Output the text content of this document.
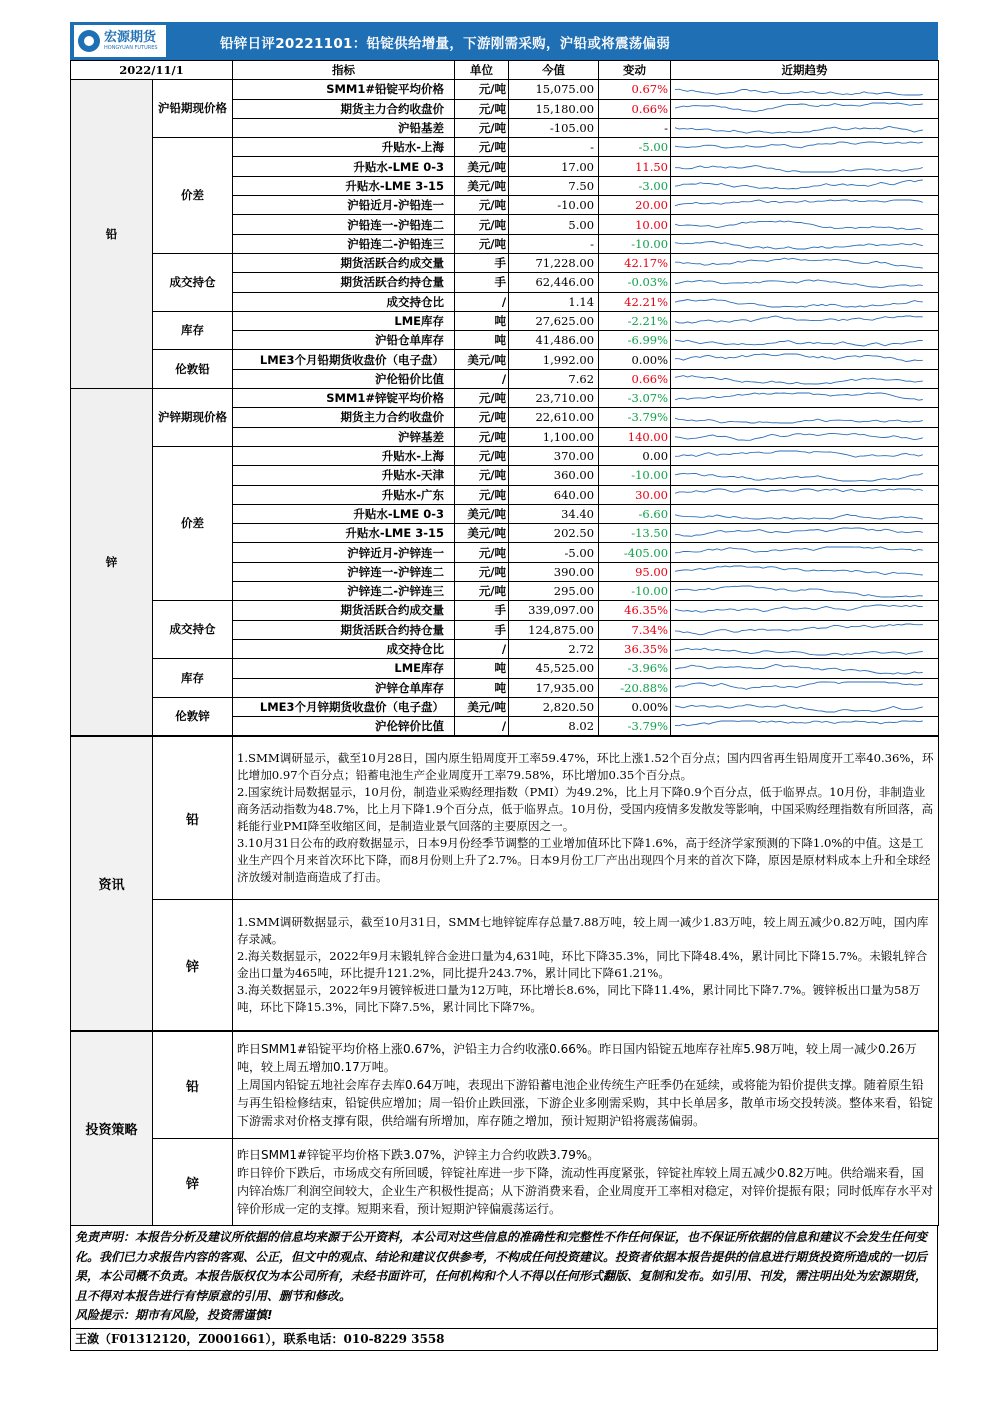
宏源期货
HONGYUAN FUTURES	铅锌日评20221101：铅锭供给增量，下游刚需采购，沪铅或将震荡偏弱
2022/11/1		指标	单位	今值	变动	近期趋势
铅	沪铅期现价格	SMM1#铅锭平均价格	元/吨	15,075.00	0.67%	

		期货主力合约收盘价	元/吨	15,180.00	0.66%	

		沪铅基差	元/吨	-105.00	-	

	价差	升贴水-上海	元/吨	-	-5.00	

		升贴水-LME 0-3	美元/吨	17.00	11.50	

		升贴水-LME 3-15	美元/吨	7.50	-3.00	

		沪铅近月-沪铅连一	元/吨	-10.00	20.00	

		沪铅连一-沪铅连二	元/吨	5.00	10.00	

		沪铅连二-沪铅连三	元/吨	-	-10.00	

	成交持仓	期货活跃合约成交量	手	71,228.00	42.17%	

		期货活跃合约持仓量	手	62,446.00	-0.03%	

		成交持仓比	/	1.14	42.21%	

	库存	LME库存	吨	27,625.00	-2.21%	

		沪铅仓单库存	吨	41,486.00	-6.99%	

	伦敦铅	LME3个月铅期货收盘价（电子盘）	美元/吨	1,992.00	0.00%	

		沪伦铅价比值	/	7.62	0.66%	

锌	沪锌期现价格	SMM1#锌锭平均价格	元/吨	23,710.00	-3.07%	

		期货主力合约收盘价	元/吨	22,610.00	-3.79%	

		沪锌基差	元/吨	1,100.00	140.00	

	价差	升贴水-上海	元/吨	370.00	0.00	

		升贴水-天津	元/吨	360.00	-10.00	

		升贴水-广东	元/吨	640.00	30.00	

		升贴水-LME 0-3	美元/吨	34.40	-6.60	

		升贴水-LME 3-15	美元/吨	202.50	-13.50	

		沪锌近月-沪锌连一	元/吨	-5.00	-405.00	

		沪锌连一-沪锌连二	元/吨	390.00	95.00	

		沪锌连二-沪锌连三	元/吨	295.00	-10.00	

	成交持仓	期货活跃合约成交量	手	339,097.00	46.35%	

		期货活跃合约持仓量	手	124,875.00	7.34%	

		成交持仓比	/	2.72	36.35%	

	库存	LME库存	吨	45,525.00	-3.96%	

		沪锌仓单库存	吨	17,935.00	-20.88%	

	伦敦锌	LME3个月锌期货收盘价（电子盘）	美元/吨	2,820.50	0.00%	

		沪伦锌价比值	/	8.02	-3.79%	
资讯	铅	1.SMM调研显示，截至10月28日，国内原生铅周度开工率59.47%，环比上涨1.52个百分点；国内四省再生铅周度开工率40.36%，环比增加0.97个百分点；铅蓄电池生产企业周度开工率79.58%，环比增加0.35个百分点。

2.国家统计局数据显示，10月份，制造业采购经理指数（PMI）为49.2%，比上月下降0.9个百分点，低于临界点。10月份，非制造业商务活动指数为48.7%，比上月下降1.9个百分点，低于临界点。10月份，受国内疫情多发散发等影响，中国采购经理指数有所回落，高耗能行业PMI降至收缩区间，是制造业景气回落的主要原因之一。

3.10月31日公布的政府数据显示，日本9月份经季节调整的工业增加值环比下降1.6%，高于经济学家预测的下降1.0%的中值。这是工业生产四个月来首次环比下降，而8月份则上升了2.7%。日本9月份工厂产出出现四个月来的首次下降，原因是原材料成本上升和全球经济放缓对制造商造成了打击。

	锌	1.SMM调研数据显示，截至10月31日，SMM七地锌锭库存总量7.88万吨，较上周一减少1.83万吨，较上周五减少0.82万吨，国内库存录减。

2.海关数据显示，2022年9月末锻轧锌合金进口量为4,631吨，环比下降35.3%，同比下降48.4%，累计同比下降15.7%。未锻轧锌合金出口量为465吨，环比提升121.2%，同比提升243.7%，累计同比下降61.21%。

3.海关数据显示，2022年9月镀锌板进口量为12万吨，环比增长8.6%，同比下降11.4%，累计同比下降7.7%。镀锌板出口量为58万吨，环比下降15.3%，同比下降7.5%，累计同比下降7%。

投资策略	铅	昨日SMM1#铅锭平均价格上涨0.67%，沪铅主力合约收涨0.66%。昨日国内铅锭五地库存社库5.98万吨，较上周一减少0.26万吨，较上周五增加0.17万吨。

上周国内铅锭五地社会库存去库0.64万吨，表现出下游铅蓄电池企业传统生产旺季仍在延续，或将能为铅价提供支撑。随着原生铅与再生铅检修结束，铅锭供应增加；周一铅价止跌回涨，下游企业多刚需采购，其中长单居多，散单市场交投转淡。整体来看，铅锭下游需求对价格支撑有限，供给端有所增加，库存随之增加，预计短期沪铅将震荡偏弱。

	锌	昨日SMM1#锌锭平均价格下跌3.07%，沪锌主力合约收跌3.79%。

昨日锌价下跌后，市场成交有所回暖，锌锭社库进一步下降，流动性再度紧张，锌锭社库较上周五减少0.82万吨。供给端来看，国内锌冶炼厂利润空间较大，企业生产积极性提高；从下游消费来看，企业周度开工率相对稳定，对锌价提振有限；同时低库存水平对锌价形成一定的支撑。短期来看，预计短期沪锌偏震荡运行。

免责声明：本报告分析及建议所依据的信息均来源于公开资料，本公司对这些信息的准确性和完整性不作任何保证，也不保证所依据的信息和建议不会发生任何变化。我们已力求报告内容的客观、公正，但文中的观点、结论和建议仅供参考，不构成任何投资建议。投资者依据本报告提供的信息进行期货投资所造成的一切后果，本公司概不负责。本报告版权仅为本公司所有，未经书面许可，任何机构和个人不得以任何形式翻版、复制和发布。如引用、刊发，需注明出处为宏源期货，且不得对本报告进行有悖原意的引用、删节和修改。

风险提示：期市有风险，投资需谨慎!

王潋（F01312120，Z0001661），联系电话：010-8229 3558
